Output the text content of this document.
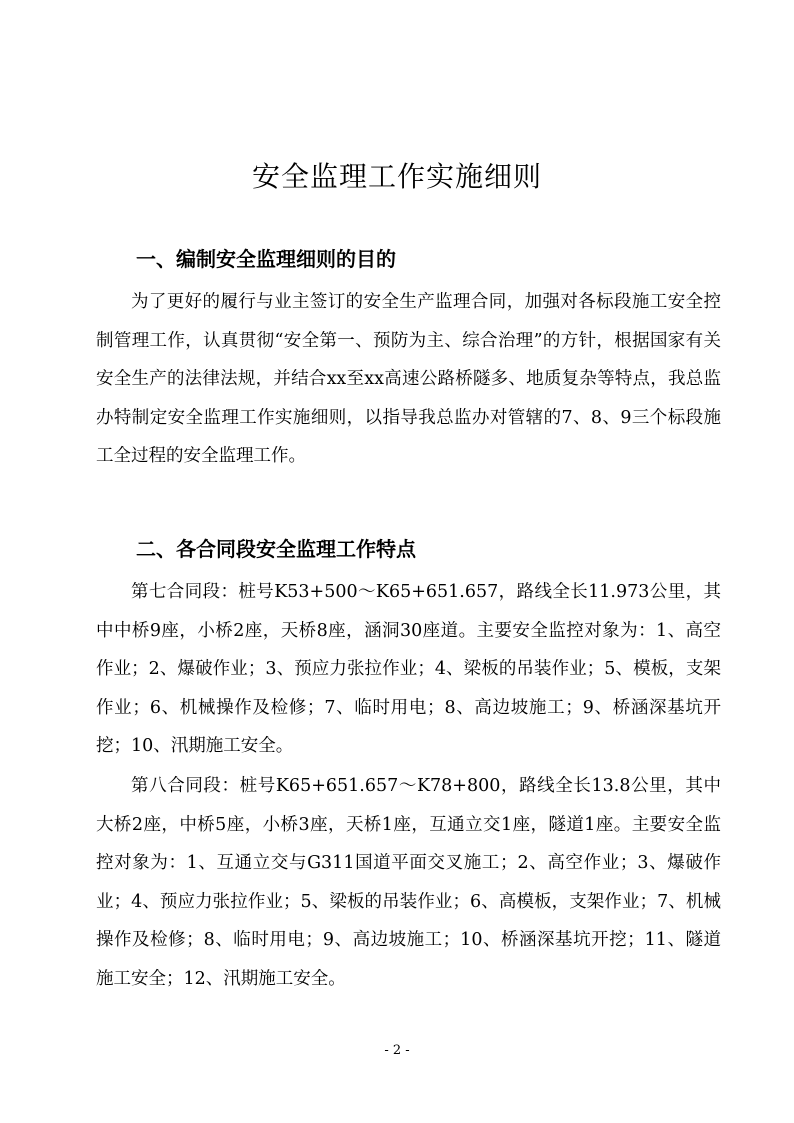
安全监理工作实施细则
一、编制安全监理细则的目的

为了更好的履行与业主签订的安全生产监理合同，加强对各标段施工安全控制管理工作，认真贯彻“安全第一、预防为主、综合治理”的方针，根据国家有关安全生产的法律法规，并结合xx至xx高速公路桥隧多、地质复杂等特点，我总监办特制定安全监理工作实施细则，以指导我总监办对管辖的7、8、9三个标段施工全过程的安全监理工作。

二、各合同段安全监理工作特点

第七合同段：桩号K53+500～K65+651.657，路线全长11.973公里，其中中桥9座，小桥2座，天桥8座，涵洞30座道。主要安全监控对象为：1、高空作业；2、爆破作业；3、预应力张拉作业；4、梁板的吊装作业；5、模板，支架作业；6、机械操作及检修；7、临时用电；8、高边坡施工；9、桥涵深基坑开挖；10、汛期施工安全。

第八合同段：桩号K65+651.657～K78+800，路线全长13.8公里，其中大桥2座，中桥5座，小桥3座，天桥1座，互通立交1座，隧道1座。主要安全监控对象为：1、互通立交与G311国道平面交叉施工；2、高空作业；3、爆破作业；4、预应力张拉作业；5、梁板的吊装作业；6、高模板，支架作业；7、机械操作及检修；8、临时用电；9、高边坡施工；10、桥涵深基坑开挖；11、隧道施工安全；12、汛期施工安全。

- 2 -
